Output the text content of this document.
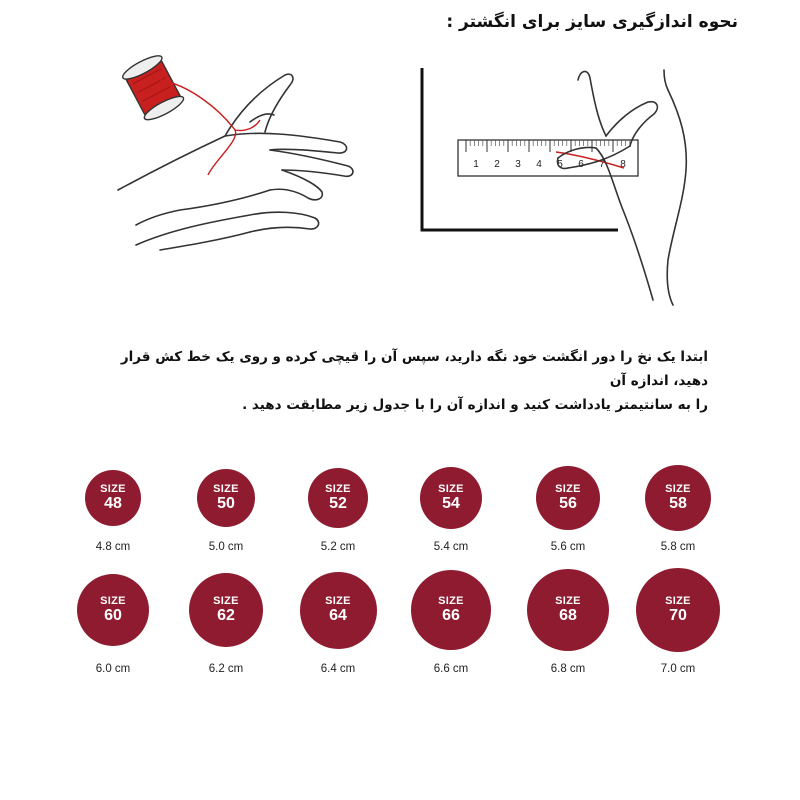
نحوه اندازگیری سایز برای انگشتر :
1 2 3 4 5 6 7 8

ابتدا یک نخ را دور انگشت خود نگه دارید، سپس آن را قیچی کرده و روی یک خط کش قرار دهید، اندازه آن

را به سانتیمتر یادداشت کنید و اندازه آن را با جدول زیر مطابقت دهید .

SIZE
48
4.8 cm
SIZE
50
5.0 cm
SIZE
52
5.2 cm
SIZE
54
5.4 cm
SIZE
56
5.6 cm
SIZE
58
5.8 cm
SIZE
60
6.0 cm
SIZE
62
6.2 cm
SIZE
64
6.4 cm
SIZE
66
6.6 cm
SIZE
68
6.8 cm
SIZE
70
7.0 cm
